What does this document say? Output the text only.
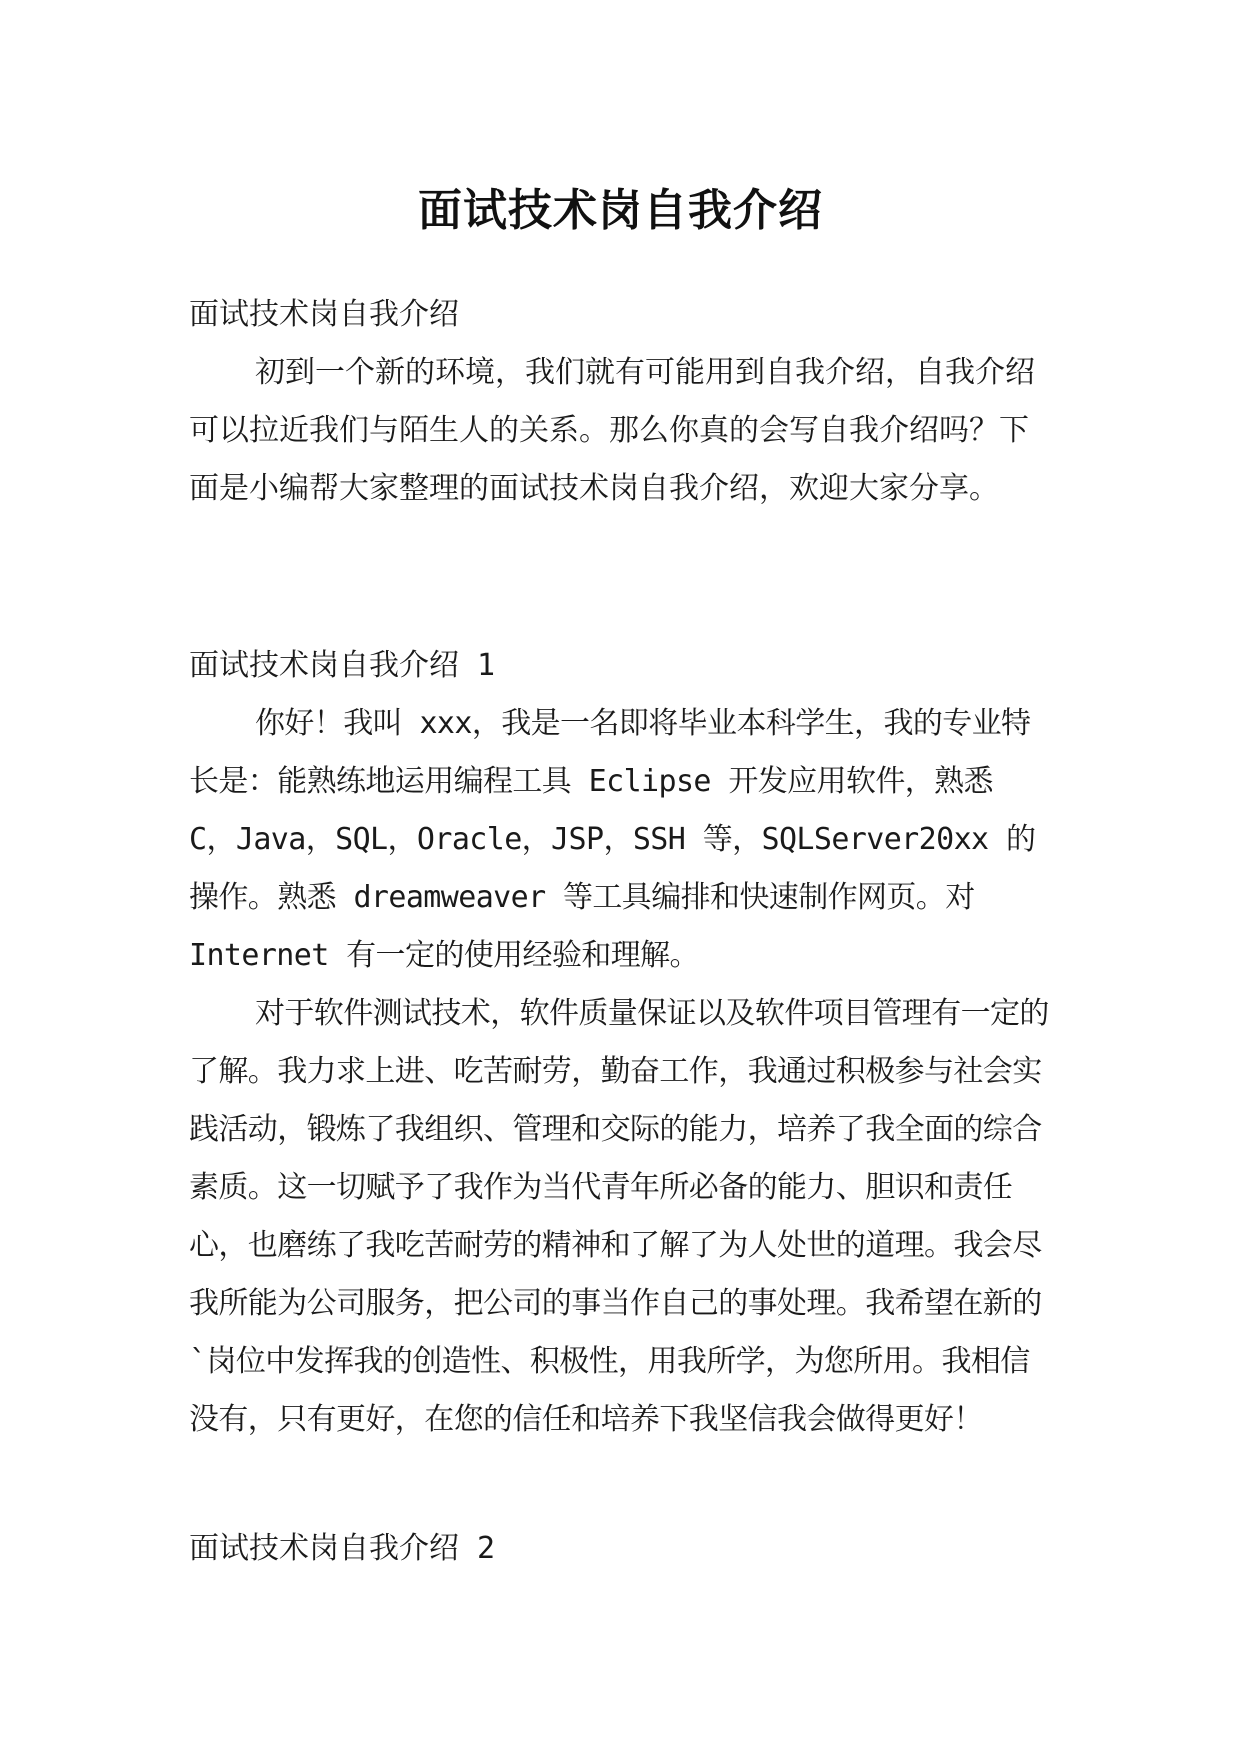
面试技术岗自我介绍

面试技术岗自我介绍

初到一个新的环境，我们就有可能用到自我介绍，自我介绍可以拉近我们与陌生人的关系。那么你真的会写自我介绍吗？下面是小编帮大家整理的面试技术岗自我介绍，欢迎大家分享。

面试技术岗自我介绍 1

你好！我叫 xxx，我是一名即将毕业本科学生，我的专业特长是：能熟练地运用编程工具 Eclipse 开发应用软件，熟悉 C，Java，SQL，Oracle，JSP，SSH 等，SQLServer20xx 的操作。熟悉 dreamweaver 等工具编排和快速制作网页。对 Internet 有一定的使用经验和理解。

对于软件测试技术，软件质量保证以及软件项目管理有一定的了解。我力求上进、吃苦耐劳，勤奋工作，我通过积极参与社会实践活动，锻炼了我组织、管理和交际的能力，培养了我全面的综合素质。这一切赋予了我作为当代青年所必备的能力、胆识和责任心，也磨练了我吃苦耐劳的精神和了解了为人处世的道理。我会尽我所能为公司服务，把公司的事当作自己的事处理。我希望在新的`岗位中发挥我的创造性、积极性，用我所学，为您所用。我相信没有，只有更好，在您的信任和培养下我坚信我会做得更好！

面试技术岗自我介绍 2
